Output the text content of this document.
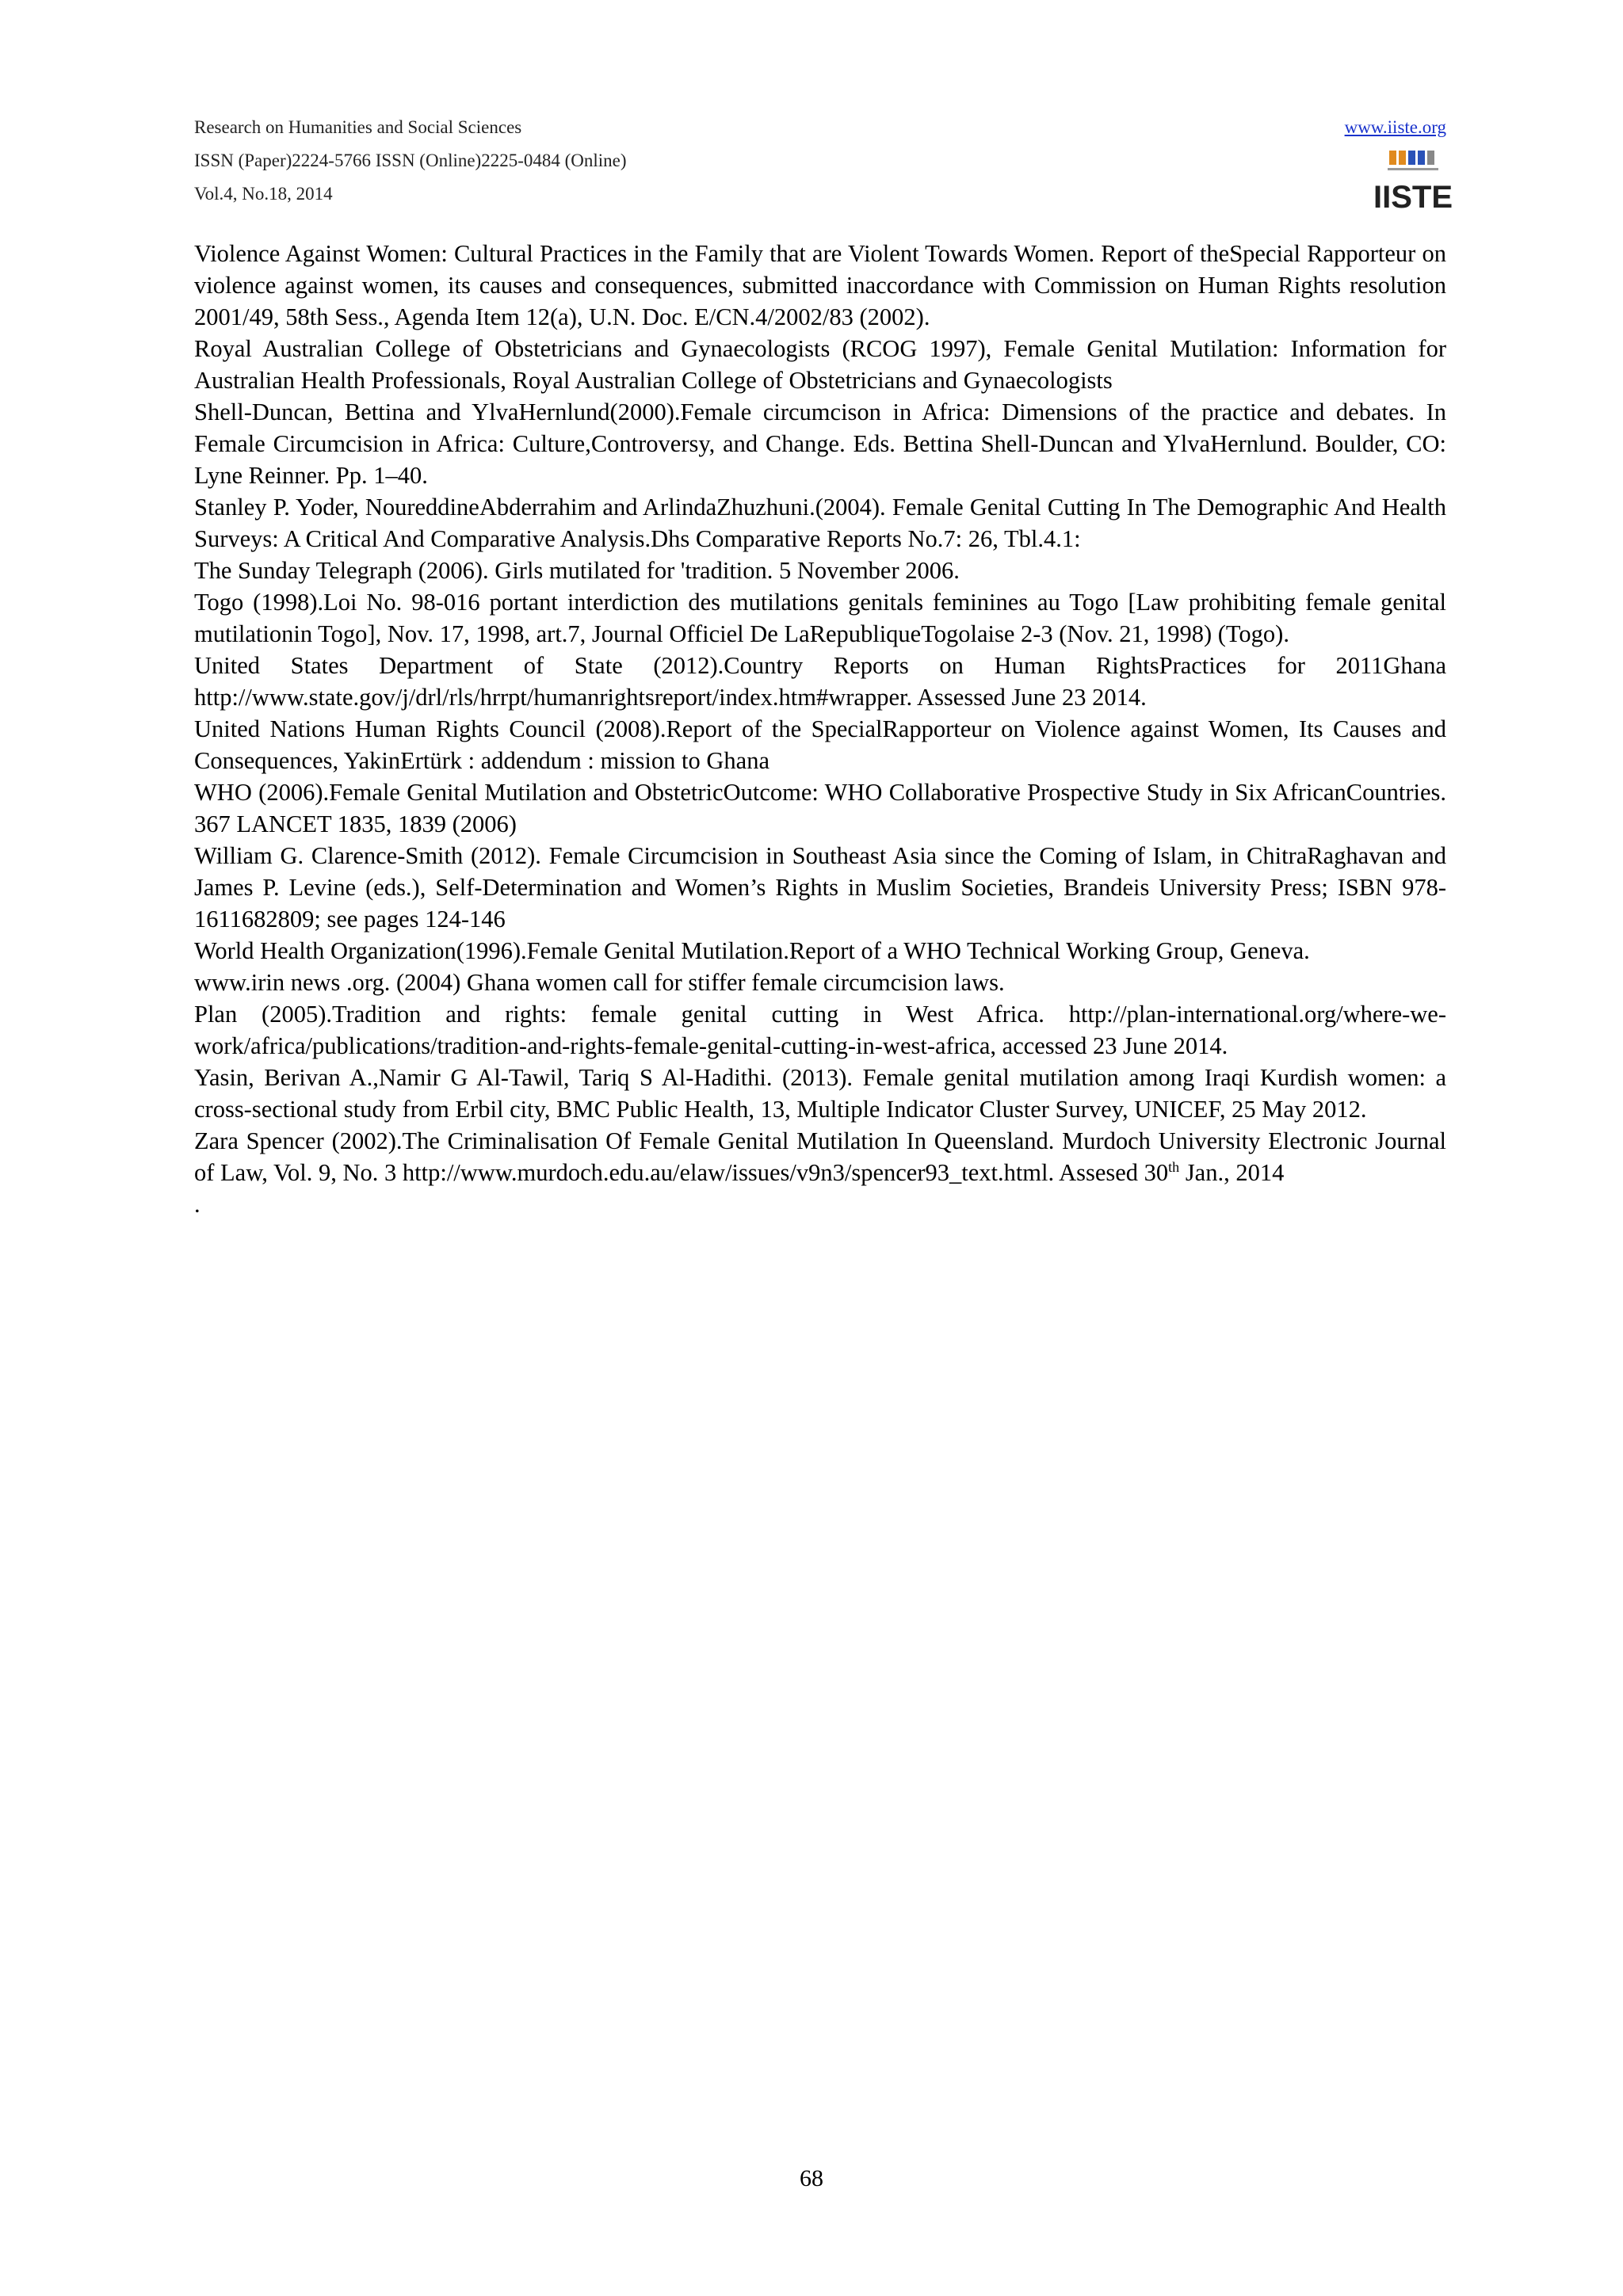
Research on Humanities and Social Sciences
ISSN (Paper)2224-5766 ISSN (Online)2225-0484 (Online)
Vol.4, No.18, 2014
www.iiste.org
IISTE

Violence Against Women: Cultural Practices in the Family that are Violent Towards Women. Report of theSpecial Rapporteur on violence against women, its causes and consequences, submitted inaccordance with Commission on Human Rights resolution 2001/49, 58th Sess., Agenda Item 12(a), U.N. Doc. E/CN.4/2002/83 (2002).

Royal Australian College of Obstetricians and Gynaecologists (RCOG 1997), Female Genital Mutilation: Information for Australian Health Professionals, Royal Australian College of Obstetricians and Gynaecologists

Shell-Duncan, Bettina and YlvaHernlund(2000).Female circumcison in Africa: Dimensions of the practice and debates. In Female Circumcision in Africa: Culture,Controversy, and Change. Eds. Bettina Shell-Duncan and YlvaHernlund. Boulder, CO: Lyne Reinner. Pp. 1–40.

Stanley P. Yoder, NoureddineAbderrahim and ArlindaZhuzhuni.(2004). Female Genital Cutting In The Demographic And Health Surveys: A Critical And Comparative Analysis.Dhs Comparative Reports No.7: 26, Tbl.4.1:

The Sunday Telegraph (2006). Girls mutilated for 'tradition. 5 November 2006.

Togo (1998).Loi No. 98-016 portant interdiction des mutilations genitals feminines au Togo [Law prohibiting female genital mutilationin Togo], Nov. 17, 1998, art.7, Journal Officiel De LaRepubliqueTogolaise 2-3 (Nov. 21, 1998) (Togo).

United States Department of State (2012).Country Reports on Human RightsPractices for 2011Ghana http://www.state.gov/j/drl/rls/hrrpt/humanrightsreport/index.htm#wrapper. Assessed June 23 2014.

United Nations Human Rights Council (2008).Report of the SpecialRapporteur on Violence against Women, Its Causes and Consequences, YakinErtürk : addendum : mission to Ghana

WHO (2006).Female Genital Mutilation and ObstetricOutcome: WHO Collaborative Prospective Study in Six AfricanCountries. 367 LANCET 1835, 1839 (2006)

William G. Clarence-Smith (2012). Female Circumcision in Southeast Asia since the Coming of Islam, in ChitraRaghavan and James P. Levine (eds.), Self-Determination and Women’s Rights in Muslim Societies, Brandeis University Press; ISBN 978-1611682809; see pages 124-146

World Health Organization(1996).Female Genital Mutilation.Report of a WHO Technical Working Group, Geneva.

www.irin news .org. (2004) Ghana women call for stiffer female circumcision laws.

Plan (2005).Tradition and rights: female genital cutting in West Africa. http://plan-international.org/where-we-work/africa/publications/tradition-and-rights-female-genital-cutting-in-west-africa, accessed 23 June 2014.

Yasin, Berivan A.,Namir G Al-Tawil, Tariq S Al-Hadithi. (2013). Female genital mutilation among Iraqi Kurdish women: a cross-sectional study from Erbil city, BMC Public Health, 13, Multiple Indicator Cluster Survey, UNICEF, 25 May 2012.

Zara Spencer (2002).The Criminalisation Of Female Genital Mutilation In Queensland. Murdoch University Electronic Journal of Law, Vol. 9, No. 3 http://www.murdoch.edu.au/elaw/issues/v9n3/spencer93_text.html. Assesed 30th Jan., 2014

.

68
